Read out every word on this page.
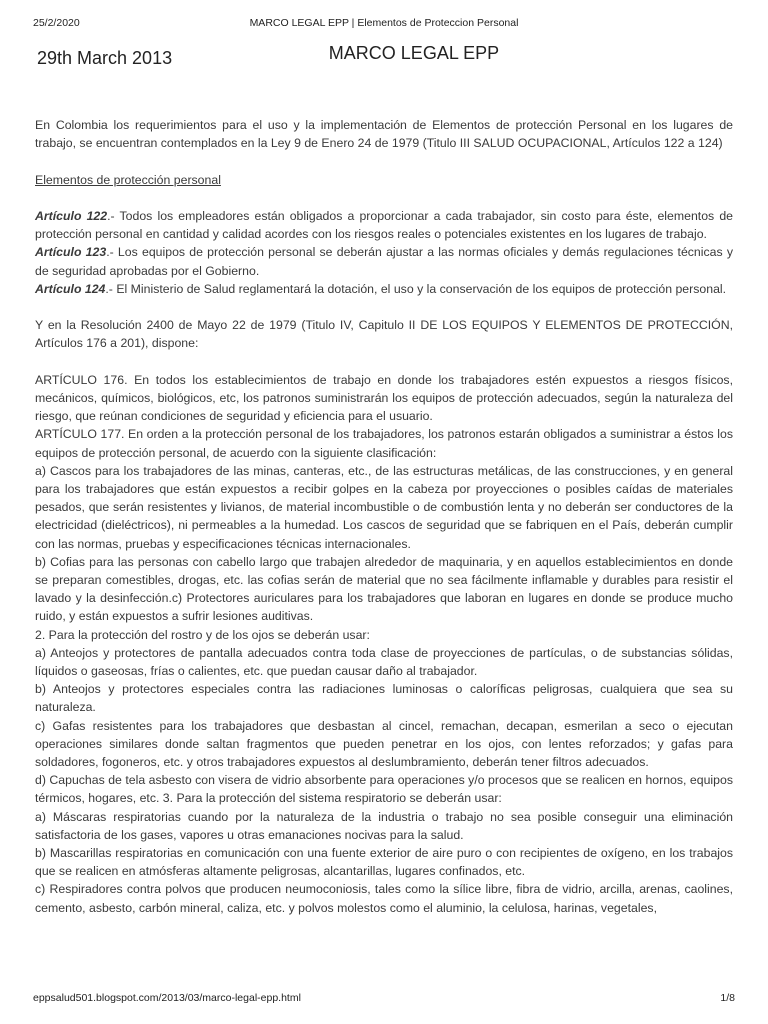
25/2/2020	MARCO LEGAL EPP | Elementos de Proteccion Personal
29th March 2013	MARCO LEGAL EPP

En Colombia los requerimientos para el uso y la implementación de Elementos de protección Personal en los lugares de trabajo, se encuentran contemplados en la Ley 9 de Enero 24 de 1979 (Titulo III SALUD OCUPACIONAL, Artículos 122 a 124)

Elementos de protección personal

Artículo 122.- Todos los empleadores están obligados a proporcionar a cada trabajador, sin costo para éste, elementos de protección personal en cantidad y calidad acordes con los riesgos reales o potenciales existentes en los lugares de trabajo.

Artículo 123.- Los equipos de protección personal se deberán ajustar a las normas oficiales y demás regulaciones técnicas y de seguridad aprobadas por el Gobierno.

Artículo 124.- El Ministerio de Salud reglamentará la dotación, el uso y la conservación de los equipos de protección personal.

Y en la Resolución 2400 de Mayo 22 de 1979 (Titulo IV, Capitulo II DE LOS EQUIPOS Y ELEMENTOS DE PROTECCIÓN, Artículos 176 a 201), dispone:

ARTÍCULO 176. En todos los establecimientos de trabajo en donde los trabajadores estén expuestos a riesgos físicos, mecánicos, químicos, biológicos, etc, los patronos suministrarán los equipos de protección adecuados, según la naturaleza del riesgo, que reúnan condiciones de seguridad y eficiencia para el usuario.

ARTÍCULO 177. En orden a la protección personal de los trabajadores, los patronos estarán obligados a suministrar a éstos los equipos de protección personal, de acuerdo con la siguiente clasificación:

a) Cascos para los trabajadores de las minas, canteras, etc., de las estructuras metálicas, de las construcciones, y en general para los trabajadores que están expuestos a recibir golpes en la cabeza por proyecciones o posibles caídas de materiales pesados, que serán resistentes y livianos, de material incombustible o de combustión lenta y no deberán ser conductores de la electricidad (dieléctricos), ni permeables a la humedad. Los cascos de seguridad que se fabriquen en el País, deberán cumplir con las normas, pruebas y especificaciones técnicas internacionales.

b) Cofias para las personas con cabello largo que trabajen alrededor de maquinaria, y en aquellos establecimientos en donde se preparan comestibles, drogas, etc. las cofias serán de material que no sea fácilmente inflamable y durables para resistir el lavado y la desinfección.c) Protectores auriculares para los trabajadores que laboran en lugares en donde se produce mucho ruido, y están expuestos a sufrir lesiones auditivas.

2. Para la protección del rostro y de los ojos se deberán usar:

a) Anteojos y protectores de pantalla adecuados contra toda clase de proyecciones de partículas, o de substancias sólidas, líquidos o gaseosas, frías o calientes, etc. que puedan causar daño al trabajador.

b) Anteojos y protectores especiales contra las radiaciones luminosas o caloríficas peligrosas, cualquiera que sea su naturaleza.

c) Gafas resistentes para los trabajadores que desbastan al cincel, remachan, decapan, esmerilan a seco o ejecutan operaciones similares donde saltan fragmentos que pueden penetrar en los ojos, con lentes reforzados; y gafas para soldadores, fogoneros, etc. y otros trabajadores expuestos al deslumbramiento, deberán tener filtros adecuados.

d) Capuchas de tela asbesto con visera de vidrio absorbente para operaciones y/o procesos que se realicen en hornos, equipos térmicos, hogares, etc. 3. Para la protección del sistema respiratorio se deberán usar:

a) Máscaras respiratorias cuando por la naturaleza de la industria o trabajo no sea posible conseguir una eliminación satisfactoria de los gases, vapores u otras emanaciones nocivas para la salud.

b) Mascarillas respiratorias en comunicación con una fuente exterior de aire puro o con recipientes de oxígeno, en los trabajos que se realicen en atmósferas altamente peligrosas, alcantarillas, lugares confinados, etc.

c) Respiradores contra polvos que producen neumoconiosis, tales como la sílice libre, fibra de vidrio, arcilla, arenas, caolines, cemento, asbesto, carbón mineral, caliza, etc. y polvos molestos como el aluminio, la celulosa, harinas, vegetales,

eppsalud501.blogspot.com/2013/03/marco-legal-epp.html	1/8
